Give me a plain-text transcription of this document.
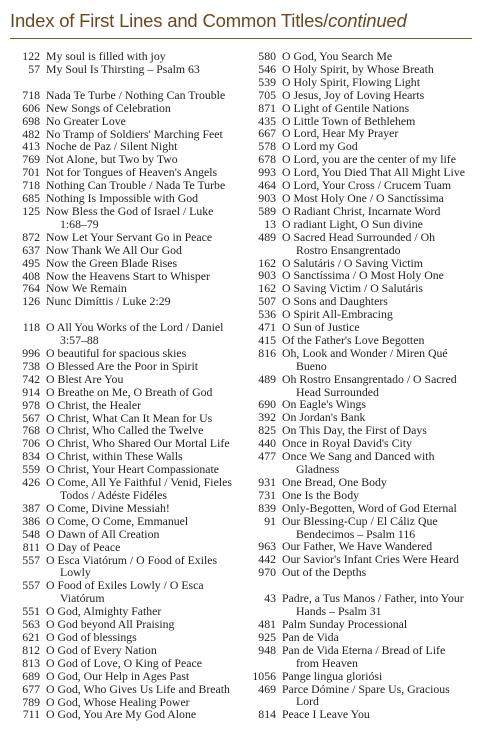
Index of First Lines and Common Titles/continued
122 My soul is filled with joy
57 My Soul Is Thirsting – Psalm 63
718 Nada Te Turbe / Nothing Can Trouble
606 New Songs of Celebration
698 No Greater Love
482 No Tramp of Soldiers' Marching Feet
413 Noche de Paz / Silent Night
769 Not Alone, but Two by Two
701 Not for Tongues of Heaven's Angels
718 Nothing Can Trouble / Nada Te Turbe
685 Nothing Is Impossible with God
125 Now Bless the God of Israel / Luke
1:68–79
872 Now Let Your Servant Go in Peace
637 Now Thank We All Our God
495 Now the Green Blade Rises
408 Now the Heavens Start to Whisper
764 Now We Remain
126 Nunc Dimíttis / Luke 2:29
118 O All You Works of the Lord / Daniel
3:57–88
996 O beautiful for spacious skies
738 O Blessed Are the Poor in Spirit
742 O Blest Are You
914 O Breathe on Me, O Breath of God
978 O Christ, the Healer
567 O Christ, What Can It Mean for Us
768 O Christ, Who Called the Twelve
706 O Christ, Who Shared Our Mortal Life
834 O Christ, within These Walls
559 O Christ, Your Heart Compassionate
426 O Come, All Ye Faithful / Venid, Fieles
Todos / Adéste Fidéles
387 O Come, Divine Messiah!
386 O Come, O Come, Emmanuel
548 O Dawn of All Creation
811 O Day of Peace
557 O Esca Viatórum / O Food of Exiles
Lowly
557 O Food of Exiles Lowly / O Esca
Viatórum
551 O God, Almighty Father
563 O God beyond All Praising
621 O God of blessings
812 O God of Every Nation
813 O God of Love, O King of Peace
689 O God, Our Help in Ages Past
677 O God, Who Gives Us Life and Breath
789 O God, Whose Healing Power
711 O God, You Are My God Alone
580 O God, You Search Me
546 O Holy Spirit, by Whose Breath
539 O Holy Spirit, Flowing Light
705 O Jesus, Joy of Loving Hearts
871 O Light of Gentile Nations
435 O Little Town of Bethlehem
667 O Lord, Hear My Prayer
578 O Lord my God
678 O Lord, you are the center of my life
993 O Lord, You Died That All Might Live
464 O Lord, Your Cross / Crucem Tuam
903 O Most Holy One / O Sanctíssima
589 O Radiant Christ, Incarnate Word
13 O radiant Light, O Sun divine
489 O Sacred Head Surrounded / Oh
Rostro Ensangrentado
162 O Salutáris / O Saving Victim
903 O Sanctíssima / O Most Holy One
162 O Saving Victim / O Salutáris
507 O Sons and Daughters
536 O Spirit All-Embracing
471 O Sun of Justice
415 Of the Father's Love Begotten
816 Oh, Look and Wonder / Miren Qué
Bueno
489 Oh Rostro Ensangrentado / O Sacred
Head Surrounded
690 On Eagle's Wings
392 On Jordan's Bank
825 On This Day, the First of Days
440 Once in Royal David's City
477 Once We Sang and Danced with
Gladness
931 One Bread, One Body
731 One Is the Body
839 Only-Begotten, Word of God Eternal
91 Our Blessing-Cup / El Cáliz Que
Bendecimos – Psalm 116
963 Our Father, We Have Wandered
442 Our Savior's Infant Cries Were Heard
970 Out of the Depths
43 Padre, a Tus Manos / Father, into Your
Hands – Psalm 31
481 Palm Sunday Processional
925 Pan de Vida
948 Pan de Vida Eterna / Bread of Life
from Heaven
1056 Pange lingua gloriósi
469 Parce Dómine / Spare Us, Gracious
Lord
814 Peace I Leave You
